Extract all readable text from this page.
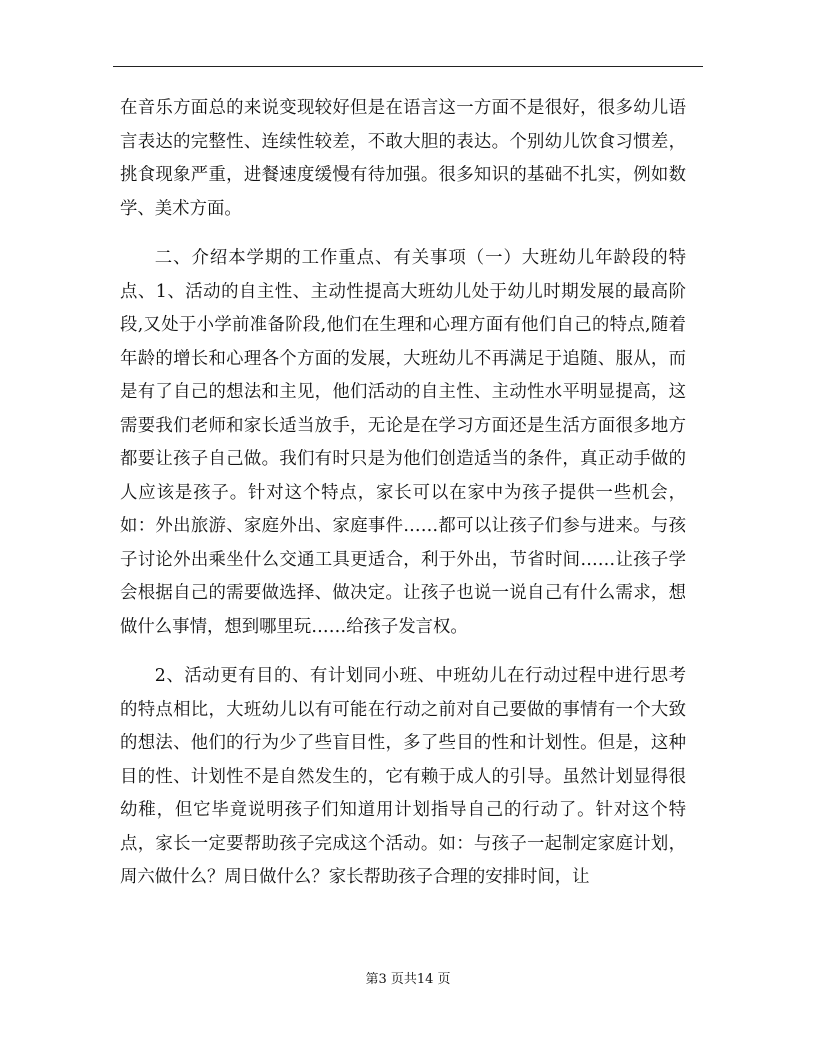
在音乐方面总的来说变现较好但是在语言这一方面不是很好，很多幼儿语言表达的完整性、连续性较差，不敢大胆的表达。个别幼儿饮食习惯差，挑食现象严重，进餐速度缓慢有待加强。很多知识的基础不扎实，例如数学、美术方面。

二、介绍本学期的工作重点、有关事项（一）大班幼儿年龄段的特点、1、活动的自主性、主动性提高大班幼儿处于幼儿时期发展的最高阶段,又处于小学前准备阶段,他们在生理和心理方面有他们自己的特点,随着年龄的增长和心理各个方面的发展，大班幼儿不再满足于追随、服从，而是有了自己的想法和主见，他们活动的自主性、主动性水平明显提高，这需要我们老师和家长适当放手，无论是在学习方面还是生活方面很多地方都要让孩子自己做。我们有时只是为他们创造适当的条件，真正动手做的人应该是孩子。针对这个特点，家长可以在家中为孩子提供一些机会，如：外出旅游、家庭外出、家庭事件……都可以让孩子们参与进来。与孩子讨论外出乘坐什么交通工具更适合，利于外出，节省时间……让孩子学会根据自己的需要做选择、做决定。让孩子也说一说自己有什么需求，想做什么事情，想到哪里玩……给孩子发言权。

2、活动更有目的、有计划同小班、中班幼儿在行动过程中进行思考的特点相比，大班幼儿以有可能在行动之前对自己要做的事情有一个大致的想法、他们的行为少了些盲目性，多了些目的性和计划性。但是，这种目的性、计划性不是自然发生的，它有赖于成人的引导。虽然计划显得很幼稚，但它毕竟说明孩子们知道用计划指导自己的行动了。针对这个特点，家长一定要帮助孩子完成这个活动。如：与孩子一起制定家庭计划，周六做什么？周日做什么？家长帮助孩子合理的安排时间，让

第3 页共14 页
